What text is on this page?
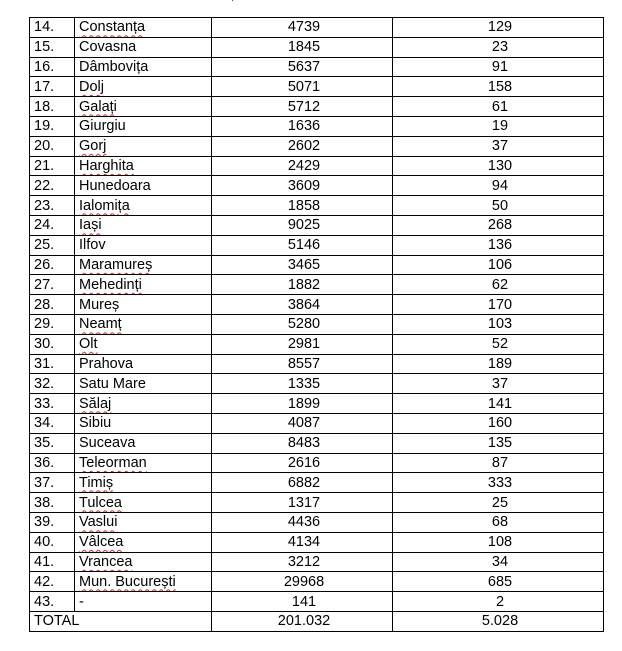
14.	Constanța	4739	129
15.	Covasna	1845	23
16.	Dâmbovița	5637	91
17.	Dolj	5071	158
18.	Galați	5712	61
19.	Giurgiu	1636	19
20.	Gorj	2602	37
21.	Harghita	2429	130
22.	Hunedoara	3609	94
23.	Ialomița	1858	50
24.	Iași	9025	268
25.	Ilfov	5146	136
26.	Maramureș	3465	106
27.	Mehedinți	1882	62
28.	Mureș	3864	170
29.	Neamț	5280	103
30.	Olt	2981	52
31.	Prahova	8557	189
32.	Satu Mare	1335	37
33.	Sălaj	1899	141
34.	Sibiu	4087	160
35.	Suceava	8483	135
36.	Teleorman	2616	87
37.	Timiș	6882	333
38.	Tulcea	1317	25
39.	Vaslui	4436	68
40.	Vâlcea	4134	108
41.	Vrancea	3212	34
42.	Mun. București	29968	685
43.	-	141	2
TOTAL		201.032	5.028
